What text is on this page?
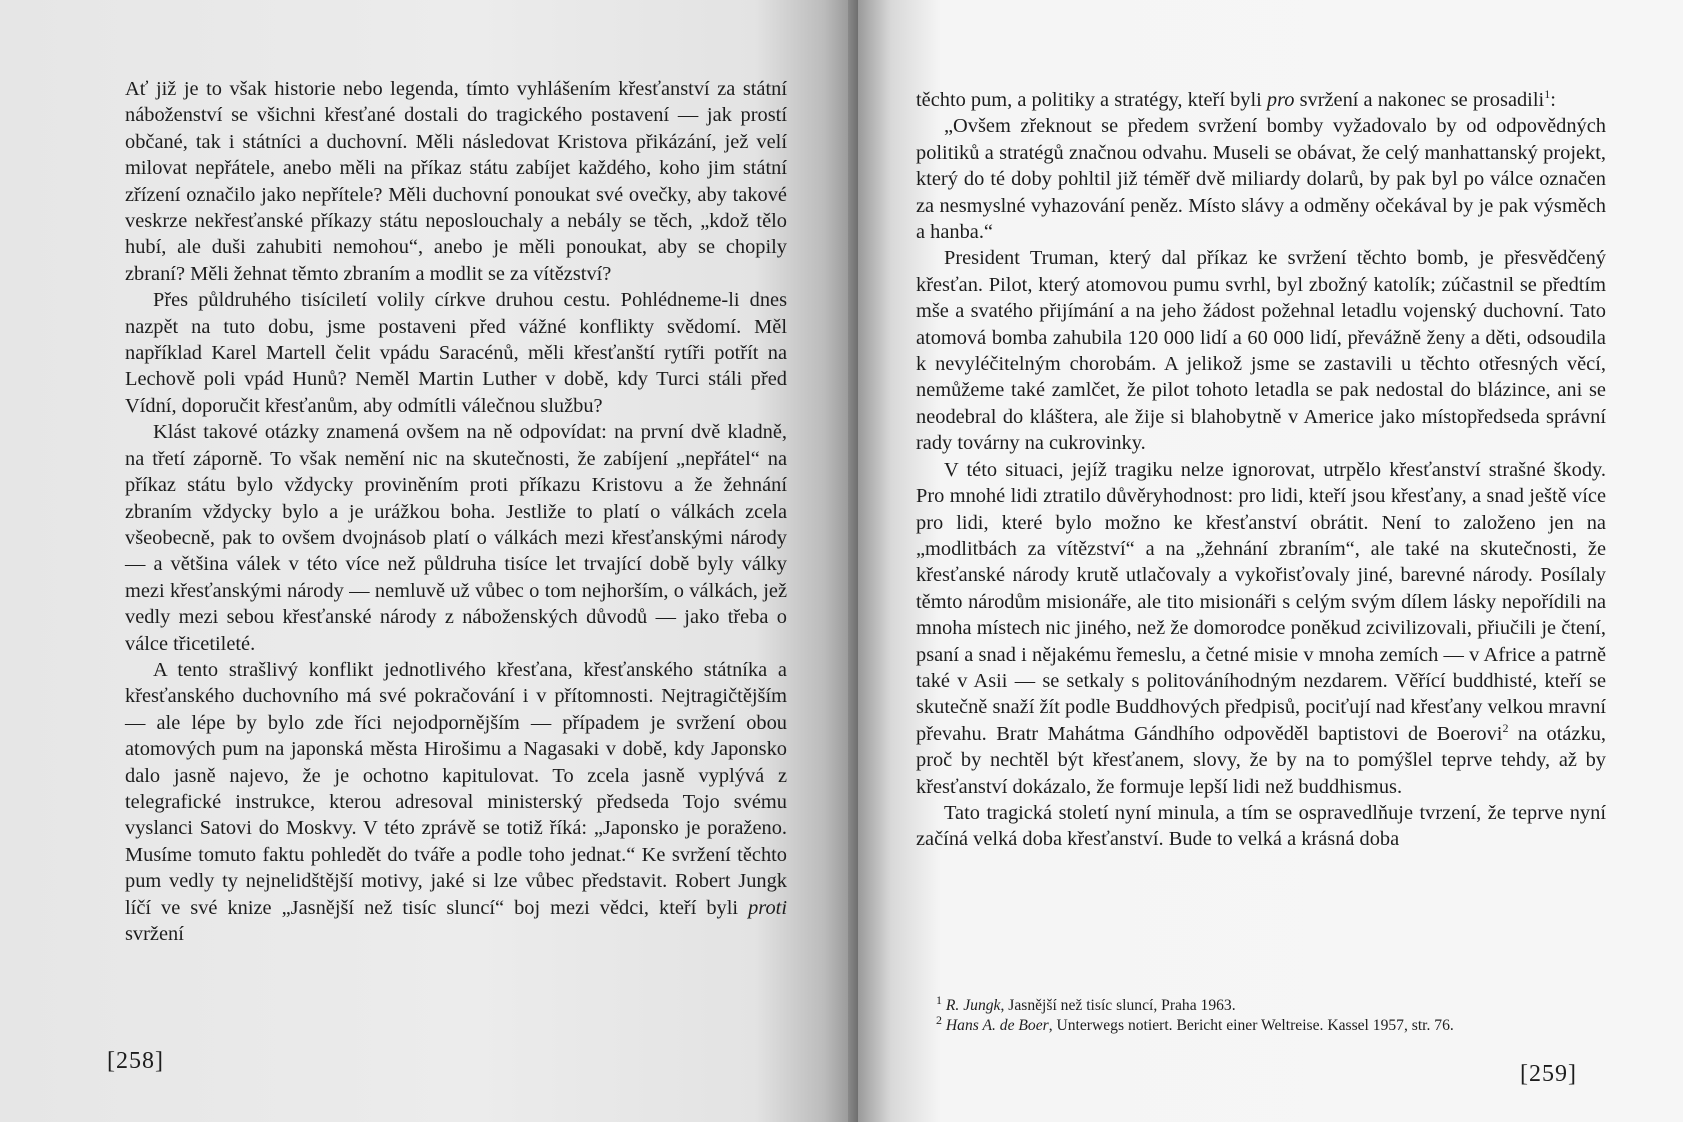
Ať již je to však historie nebo legenda, tímto vyhlášením křesťanství za státní náboženství se všichni křesťané dostali do tragického postavení — jak prostí občané, tak i státníci a duchovní. Měli následovat Kristova přikázání, jež velí milovat nepřátele, anebo měli na příkaz státu zabíjet každého, koho jim státní zřízení označilo jako nepřítele? Měli duchovní ponoukat své ovečky, aby takové veskrze nekřesťanské příkazy státu neposlouchaly a nebály se těch, „kdož tělo hubí, ale duši zahubiti nemohou“, anebo je měli ponoukat, aby se chopily zbraní? Měli žehnat těmto zbraním a modlit se za vítězství?

Přes půldruhého tisíciletí volily církve druhou cestu. Pohlédneme-li dnes nazpět na tuto dobu, jsme postaveni před vážné konflikty svědomí. Měl například Karel Martell čelit vpádu Saracénů, měli křesťanští rytíři potřít na Lechově poli vpád Hunů? Neměl Martin Luther v době, kdy Turci stáli před Vídní, doporučit křesťanům, aby odmítli válečnou službu?

Klást takové otázky znamená ovšem na ně odpovídat: na první dvě kladně, na třetí záporně. To však nemění nic na skutečnosti, že zabíjení „nepřátel“ na příkaz státu bylo vždycky proviněním proti příkazu Kristovu a že žehnání zbraním vždycky bylo a je urážkou boha. Jestliže to platí o válkách zcela všeobecně, pak to ovšem dvojnásob platí o válkách mezi křesťanskými národy — a většina válek v této více než půldruha tisíce let trvající době byly války mezi křesťanskými národy — nemluvě už vůbec o tom nejhorším, o válkách, jež vedly mezi sebou křesťanské národy z náboženských důvodů — jako třeba o válce třicetileté.

A tento strašlivý konflikt jednotlivého křesťana, křesťanského státníka a křesťanského duchovního má své pokračování i v přítomnosti. Nejtragičtějším — ale lépe by bylo zde říci nejodpornějším — případem je svržení obou atomových pum na japonská města Hirošimu a Nagasaki v době, kdy Japonsko dalo jasně najevo, že je ochotno kapitulovat. To zcela jasně vyplývá z telegrafické instrukce, kterou adresoval ministerský předseda Tojo svému vyslanci Satovi do Moskvy. V této zprávě se totiž říká: „Japonsko je poraženo. Musíme tomuto faktu pohledět do tváře a podle toho jednat.“ Ke svržení těchto pum vedly ty nejnelidštější motivy, jaké si lze vůbec představit. Robert Jungk líčí ve své knize „Jasnější než tisíc sluncí“ boj mezi vědci, kteří byli proti svržení

[258]

těchto pum, a politiky a stratégy, kteří byli pro svržení a nakonec se prosadili$^1$:

„Ovšem zřeknout se předem svržení bomby vyžadovalo by od odpovědných politiků a stratégů značnou odvahu. Museli se obávat, že celý manhattanský projekt, který do té doby pohltil již téměř dvě miliardy dolarů, by pak byl po válce označen za nesmyslné vyhazování peněz. Místo slávy a odměny očekával by je pak výsměch a hanba.“

President Truman, který dal příkaz ke svržení těchto bomb, je přesvědčený křesťan. Pilot, který atomovou pumu svrhl, byl zbožný katolík; zúčastnil se předtím mše a svatého přijímání a na jeho žádost požehnal letadlu vojenský duchovní. Tato atomová bomba zahubila 120 000 lidí a 60 000 lidí, převážně ženy a děti, odsoudila k nevyléčitelným chorobám. A jelikož jsme se zastavili u těchto otřesných věcí, nemůžeme také zamlčet, že pilot tohoto letadla se pak nedostal do blázince, ani se neodebral do kláštera, ale žije si blahobytně v Americe jako místopředseda správní rady továrny na cukrovinky.

V této situaci, jejíž tragiku nelze ignorovat, utrpělo křesťanství strašné škody. Pro mnohé lidi ztratilo důvěryhodnost: pro lidi, kteří jsou křesťany, a snad ještě více pro lidi, které bylo možno ke křesťanství obrátit. Není to založeno jen na „modlitbách za vítězství“ a na „žehnání zbraním“, ale také na skutečnosti, že křesťanské národy krutě utlačovaly a vykořisťovaly jiné, barevné národy. Posílaly těmto národům misionáře, ale tito misionáři s celým svým dílem lásky nepořídili na mnoha místech nic jiného, než že domorodce poněkud zcivilizovali, přiučili je čtení, psaní a snad i nějakému řemeslu, a četné misie v mnoha zemích — v Africe a patrně také v Asii — se setkaly s politováníhodným nezdarem. Věřící buddhisté, kteří se skutečně snaží žít podle Buddhových předpisů, pociťují nad křesťany velkou mravní převahu. Bratr Mahátma Gándhího odpověděl baptistovi de Boerovi$^2$ na otázku, proč by nechtěl být křesťanem, slovy, že by na to pomýšlel teprve tehdy, až by křesťanství dokázalo, že formuje lepší lidi než buddhismus.

Tato tragická století nyní minula, a tím se ospravedlňuje tvrzení, že teprve nyní začíná velká doba křesťanství. Bude to velká a krásná doba

$^1$ R. Jungk, Jasnější než tisíc sluncí, Praha 1963.
$^2$ Hans A. de Boer, Unterwegs notiert. Bericht einer Weltreise. Kassel 1957, str. 76.
[259]
